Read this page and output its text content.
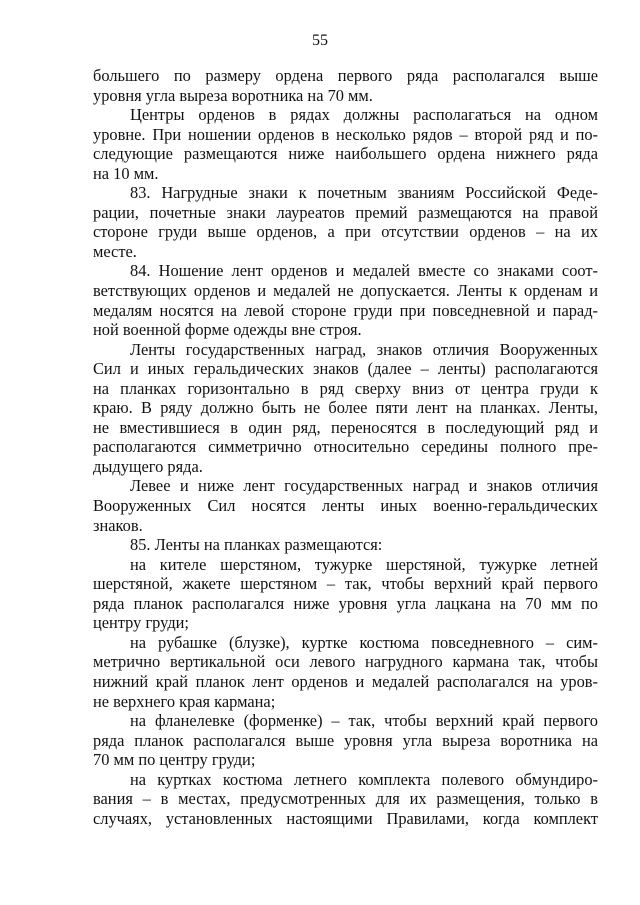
55
большего по размеру ордена первого ряда располагался выше
уровня угла выреза воротника на 70 мм.
Центры орденов в рядах должны располагаться на одном
уровне. При ношении орденов в несколько рядов – второй ряд и по-
следующие размещаются ниже наибольшего ордена нижнего ряда
на 10 мм.
83. Нагрудные знаки к почетным званиям Российской Феде-
рации, почетные знаки лауреатов премий размещаются на правой
стороне груди выше орденов, а при отсутствии орденов – на их
месте.
84. Ношение лент орденов и медалей вместе со знаками соот-
ветствующих орденов и медалей не допускается. Ленты к орденам и
медалям носятся на левой стороне груди при повседневной и парад-
ной военной форме одежды вне строя.
Ленты государственных наград, знаков отличия Вооруженных
Сил и иных геральдических знаков (далее – ленты) располагаются
на планках горизонтально в ряд сверху вниз от центра груди к
краю. В ряду должно быть не более пяти лент на планках. Ленты,
не вместившиеся в один ряд, переносятся в последующий ряд и
располагаются симметрично относительно середины полного пре-
дыдущего ряда.
Левее и ниже лент государственных наград и знаков отличия
Вооруженных Сил носятся ленты иных военно-геральдических
знаков.
85. Ленты на планках размещаются:
на кителе шерстяном, тужурке шерстяной, тужурке летней
шерстяной, жакете шерстяном – так, чтобы верхний край первого
ряда планок располагался ниже уровня угла лацкана на 70 мм по
центру груди;
на рубашке (блузке), куртке костюма повседневного – сим-
метрично вертикальной оси левого нагрудного кармана так, чтобы
нижний край планок лент орденов и медалей располагался на уров-
не верхнего края кармана;
на фланелевке (форменке) – так, чтобы верхний край первого
ряда планок располагался выше уровня угла выреза воротника на
70 мм по центру груди;
на куртках костюма летнего комплекта полевого обмундиро-
вания – в местах, предусмотренных для их размещения, только в
случаях, установленных настоящими Правилами, когда комплект
